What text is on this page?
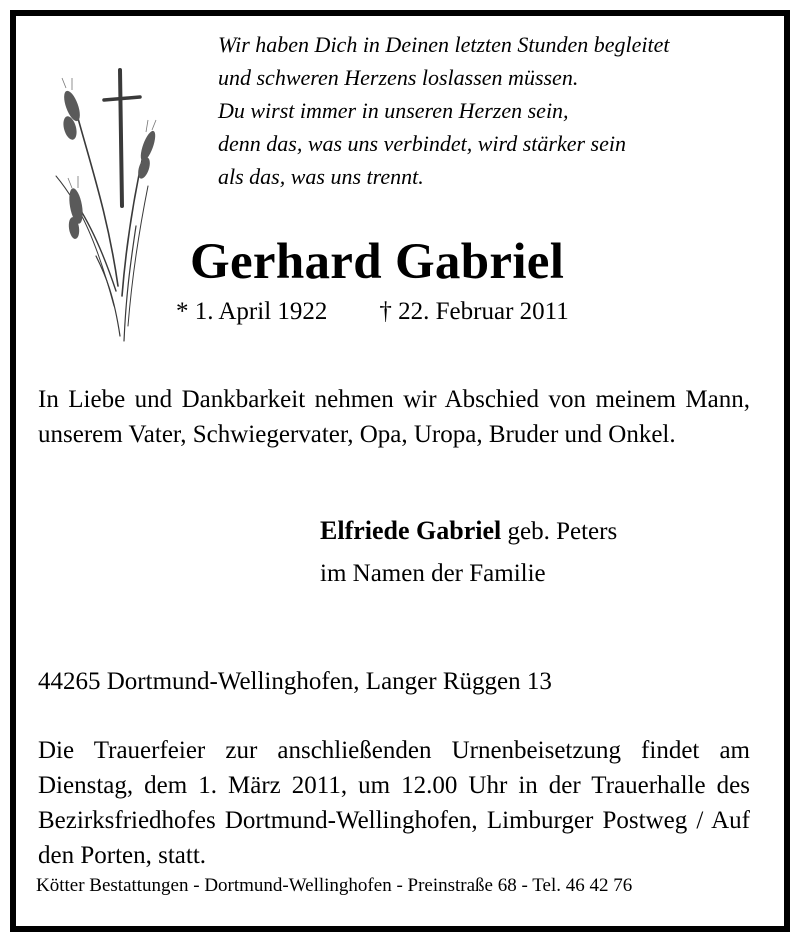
Wir haben Dich in Deinen letzten Stunden begleitet
und schweren Herzens loslassen müssen.
Du wirst immer in unseren Herzen sein,
denn das, was uns verbindet, wird stärker sein
als das, was uns trennt.
Gerhard Gabriel
* 1. April 1922 † 22. Februar 2011
In Liebe und Dankbarkeit nehmen wir Abschied von meinem Mann, unserem Vater, Schwiegervater, Opa, Uropa, Bruder und Onkel.
Elfriede Gabriel geb. Peters
im Namen der Familie
44265 Dortmund-Wellinghofen, Langer Rüggen 13
Die Trauerfeier zur anschließenden Urnenbeisetzung findet am Dienstag, dem 1. März 2011, um 12.00 Uhr in der Trauerhalle des Bezirksfriedhofes Dortmund-Wellinghofen, Limburger Postweg / Auf den Porten, statt.
Kötter Bestattungen - Dortmund-Wellinghofen - Preinstraße 68 - Tel. 46 42 76
